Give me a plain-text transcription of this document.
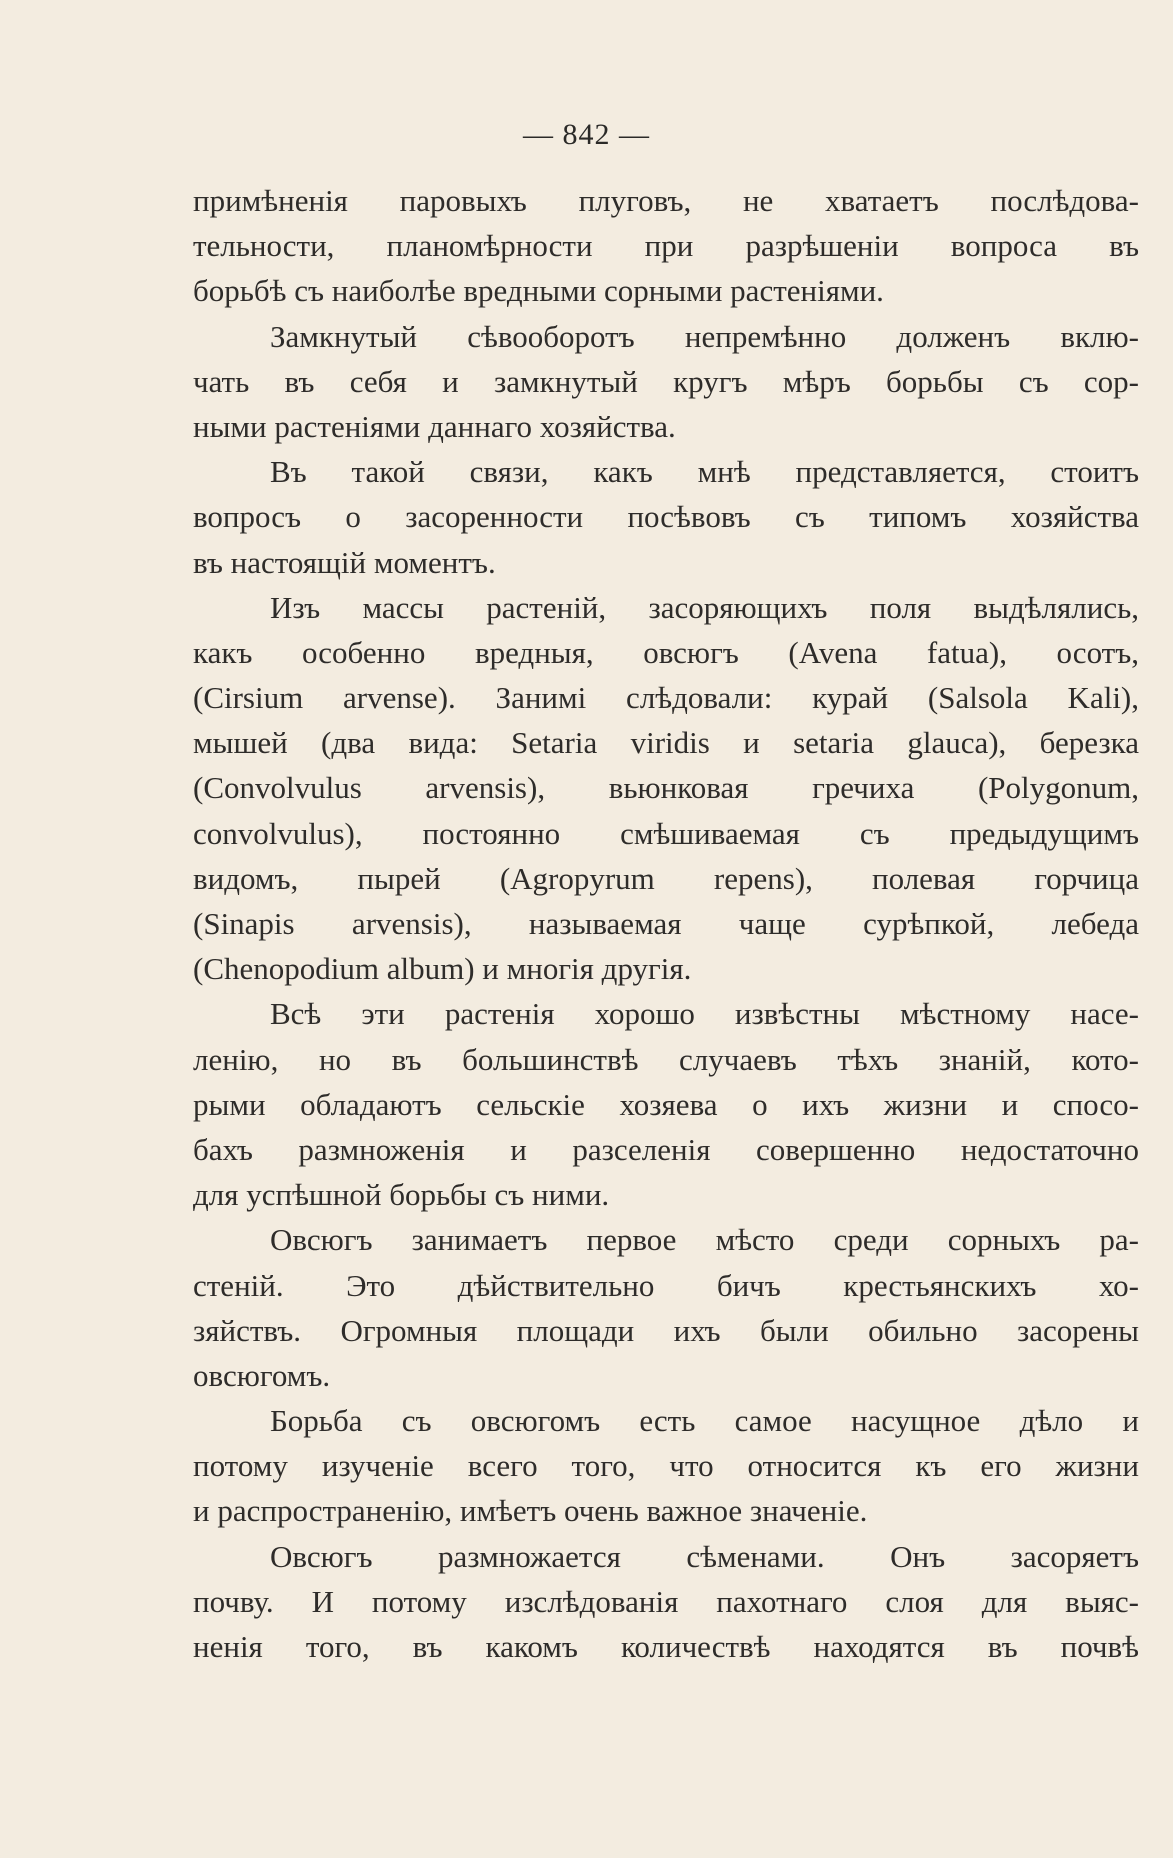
— 842 —
примѣненія паровыхъ плуговъ, не хватаетъ послѣдова-
тельности, планомѣрности при разрѣшеніи вопроса въ
борьбѣ съ наиболѣе вредными сорными растеніями.
Замкнутый сѣвооборотъ непремѣнно долженъ вклю-
чать въ себя и замкнутый кругъ мѣръ борьбы съ сор-
ными растеніями даннаго хозяйства.
Въ такой связи, какъ мнѣ представляется, стоитъ
вопросъ о засоренности посѣвовъ съ типомъ хозяйства
въ настоящій моментъ.
Изъ массы растеній, засоряющихъ поля выдѣлялись,
какъ особенно вредныя, овсюгъ (Avena fatua), осотъ,
(Cirsium arvense). Занимi слѣдовали: курай (Salsola Kali),
мышей (два вида: Setaria viridis и setaria glauca), березка
(Convolvulus arvensis), вьюнковая гречиха (Polygonum,
convolvulus), постоянно смѣшиваемая съ предыдущимъ
видомъ, пырей (Agropyrum repens), полевая горчица
(Sinapis arvensis), называемая чаще сурѣпкой, лебеда
(Chenopodium album) и многія другія.
Всѣ эти растенія хорошо извѣстны мѣстному насе-
ленію, но въ большинствѣ случаевъ тѣхъ знаній, кото-
рыми обладаютъ сельскіе хозяева о ихъ жизни и спосо-
бахъ размноженія и разселенія совершенно недостаточно
для успѣшной борьбы съ ними.
Овсюгъ занимаетъ первое мѣсто среди сорныхъ ра-
стеній. Это дѣйствительно бичъ крестьянскихъ хо-
зяйствъ. Огромныя площади ихъ были обильно засорены
овсюгомъ.
Борьба съ овсюгомъ есть самое насущное дѣло и
потому изученіе всего того, что относится къ его жизни
и распространенію, имѣетъ очень важное значеніе.
Овсюгъ размножается сѣменами. Онъ засоряетъ
почву. И потому изслѣдованія пахотнаго слоя для выяс-
ненія того, въ какомъ количествѣ находятся въ почвѣ
